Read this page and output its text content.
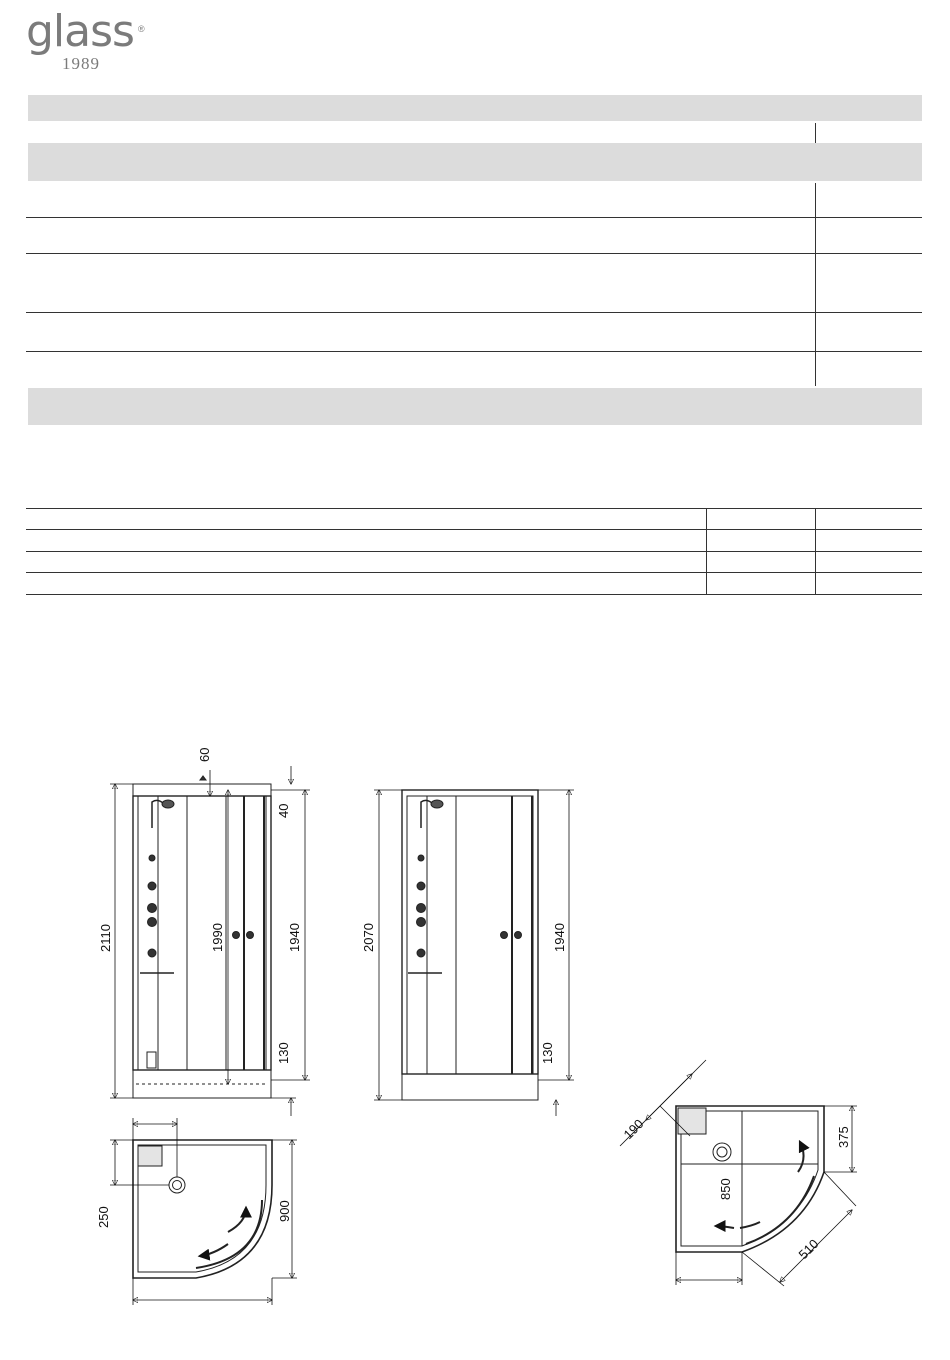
glass ®
1989
2110	1990	1940
60
40
130
2070	1940
130
250	900
190	375
850
510
